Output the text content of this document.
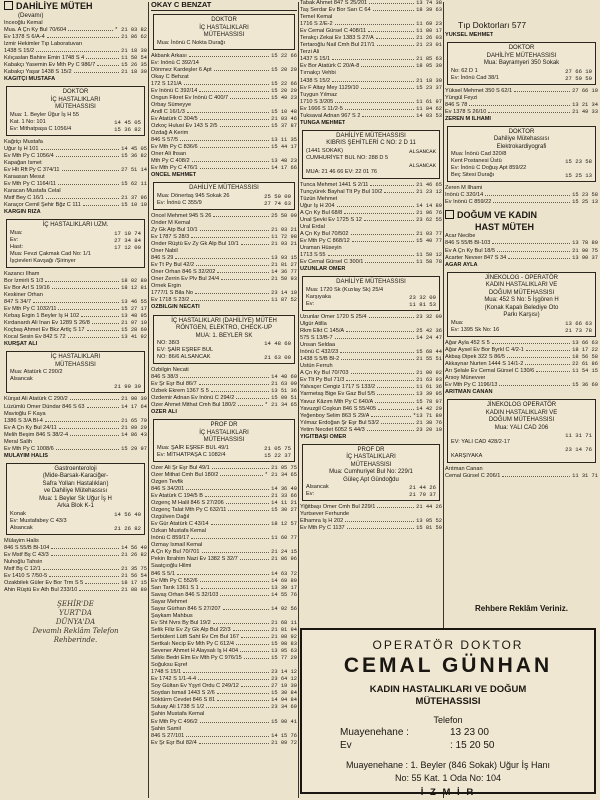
Tıp Doktorları 577
DAHİLİYE MÜTEH
(Devamı)
İnceoğlu Kemal
Mua. A Çn Ky Bul 70/604	* 21 03 82
Ev 1378 S 6/A-4	21 86 62
İzmir Hekimler Tıp Laboratuvarı
1438 S 15/2	21 18 30
Kılıçaslan Bahire Emin 1748 S 4	11 50 54
Kabakçı Yasemin Ev Mth Py C 986/7	15 26 35
Kabakçı Yaşar 1438 S 15/2	21 18 30
KAĞITÇI MUSTAFA
DOKTOR
İÇ HASTALIKLARI
MÜTEHASSISI
Mua: 1. Beyler Üğur İş H 55
Kat. 1 No: 101	14 45 05
Ev: Mithatpaşa C 1056/4	15 36 82
Kağıtçı Mustafa
Üğur İş H 101	14 45 05
Ev Mth Py C 1056/4	15 36 82
Kapağan İsmet
Ev Hlt Rft Py C 374/11	27 51 14
Karaasan Mesut
Ev Mth Py C 1164/11	15 62 11
Karacan Mustafa Celal
Mstf Bey C 16/1	21 37 96
Karaçor Cemil Şehir Bğz C 111	15 10 10
KARGIN RIZA
İÇ HASTALIKLARI UZM.
Mua:	17 10 74
Ev:	27 34 84
Hast:	17 12 00
Mua: Fevzi Çakmak Cad No: 1/1
İşçievleri Kavşağı /Şirinyer
Kazancı İlham
Bor İzmirli S 1/3	18 02 80
Ev Bor Arl S 19/16	18 12 81
Keskiner Orhan
847 S 34/7	13 46 55
Ev Mth Py C 1032/11	15 27 17
Kırbaş Ergin 1 Beyler İş H 102	13 48 95
Kırdanardı Ali İnan Ev 1289 S 26/8	21 97 19
Koçbaş Ahmet Ev Bkz Artlç S 17	15 28 69
Kocal Sesin Ev 842 S 72	13 41 92
KÜRŞAT ALİ
İÇ HASTALIKLARI
MÜTEHASSISI
Mua: Atatürk C 290/2
Alsancak
21 90 39
Kürşat Ali Atatürk C 290/2	21 90 39
Lüzümlü Ömer Dündar 846 S 63	14 17 64
Mavioğlu F Kaya
1386 S 3/A Bl-4	21 65 79
Ev A Çn Ky Bul 24/11	21 09 29
Melih Beşim 846 S 38/2-4	14 86 43
Meral Salih
Ev Mth Py C 1008/6	15 29 97
MÜLAYİM HALİS
Gastroenteroloji
(Mide-Barsak-Karaciğer-
Safra Yolları Hastalıkları)
ve Dahiliye Mütehassısı
Mua: 1 Beyler Sk Uğur İş H
Arka Blok K-1
Konak	14 56 40
Ev: Mustafabey C 43/3
Alsancak	21 26 82
Mülayim Halis
846 S 55/B Bl-104	14 56 40
Ev Mstf Bş C 43/3	21 26 82
Nuhoğlu Tahsin
Mstf Bş C 12/1	21 35 75
Ev 1410 S 7/50-5	21 56 54
Özakbilek Güler Ev Bor Trm S 5	18 17 15
Ahin Rüştü Ev Ath Bul 233/10	21 88 80
ŞEHİR'DE
YURT'DA
DÜNYA'DA
Devamlı Reklâm Telefon
Rehberinde.
OKAY C BENZAT
DOKTOR
İÇ HASTALIKLARI
MÜTEHASSISI
Mua: İnönü C Nokta Durağı
Akbank Arkası	15 22 66
Ev: İnönü C 392/14
Dönmez Kardeşler 6 Apt	15 20 20
Okay C Behzat
172 S 121/A	15 22 66
Ev İnönü C 392/14	15 20 20
Ongun Fikret Ev İnönü C 400/7	15 49 23
Orbay Sümeyye
Andl C 16/1/3	15 10 48
Ev Atatürk C 304/5	21 03 46
Ozkoç Hulusi Ev 143 S 2/5	15 37 87
Özdağ A Kerim
846 S 57/5	13 11 35
Ev Mth Py C 836/6	15 44 17
Öner Ali İhsan
Mth Py C 408/2	13 48 23
Ev Mth Py C 476/1	14 17 66
ÖNCEL MEHMET
DAHİLİYE MÜTEHASSISI
Mua: Dönertaş 945 Sokak 26	25 50 09
Ev: İnönü C 355/9	27 74 63
Öncel Mehmet 945 S 26	25 50 09
Önder M Kemal
Zy Gk Atp Bul 10/1	21 93 21
Ev 1787 S 28/3	11 72 98
Önder Rüştü Ev Zy Gk Alp Bul 10/1	21 93 21
Öner Nabil
846 S 29	13 93 15
Ev Tt Py Bul 42/2	21 81 27
Öner Orhan 846 S 32/202	14 36 77
Öner Zerrin Ev Plv Bul 24/4	21 50 93
Örnek Ergin
1777/1 S Bila No	23 14 10
Ev 1718 S 23/2	11 87 52
ÖZBİLGİN NECATİ
İÇ HASTALIKLARI (DAHİLİYE) MÜTEH
RÖNTGEN, ELEKTRO, CHECK-UP
MUA: 1. BEYLER SK
NO: 38/3	14 48 60
EV: ŞAİR EŞREF BUL
NO: 86/6 ALSANCAK	21 63 09
Özbilgin Necati
846 S 38/3	14 48 60
Ev Şr Eşr Bul 86/7	21 63 09
Özbek Ekrem 1367 S 5	13 51 36
Özdemir Adnan Ev İnönü C 294/2	15 09 51
Özer Ahmet Mithat Cmh Bul 180/2	* 21 34 65
ÖZER ALİ
PROF DR
İÇ HASTALIKLARI
MÜTEHASSISI
Mua: ŞAİR EŞREF BUL 49/1	21 05 75
Ev: MİTHATPAŞA C 1082/4	15 22 37
Özer Ali Şr Eşr Bul 49/1	21 05 75
Özer Mithat Cmh Bul 180/2	* 21 34 65
Özgen Tevfik
846 S 34/201	14 36 49
Ev Atatürk C 194/5 B	21 33 66
Özgenç M Halil 846 S 27/206	14 11 21
Özgenç Talat Mth Py C 632/11	15 30 27
Özgülven Dağıl
Ev Gür Atatürk C 43/14	18 12 57
Özkan Mustafa Kemal
İnönü C 859/17	11 60 77
Özmay İsmail Kemal
A Çn Ky Bul 70/701	21 24 15
Pekin İbrahim Nazi Ev 1382 S 32/7	21 86 96
Saatçıoğlu Hilmi
846 S 5/1	14 63 72
Ev Mth Py C 552/6	14 69 89
Sarı Tarık 1361 S 1	13 39 17
Savaş Orhan 846 S 32/103	14 55 76
Sayar Mehmet
Sayar Gürhan 846 S 27/207	14 92 56
Şaykam Mahbus
Ev Sht Nvrs By Bul 19/2	21 68 11
Selik Filiz Ev Zy Gk Alp Bul 22/3	21 81 94
Serbülent Lütfi Saht Ev Cm Bul 167	21 08 92
Sertkalı Necip Ev Mth Py C 612/4	15 98 83
Sevener Ahmet H Alaysalı İş H 404	13 95 63
Sıllıkı Bedri Elm Ev Mth Py C 976/15	15 77 29
Soğuksu Eşref
1748 S 15/1	23 14 12
Ev 1742 S 1/1-4-4	23 64 12
Soy Gültan Ev Yşyrl Ordu C 249/12	27 19 30
Soydan İsmail 1443 S 2/6	15 30 84
Söktürm Cevdet 846 S 81	14 94 84
Suluay Ali 1738 S 1/2	23 34 69
Şahin Mustafa Kemal
Ev Mth Py C 496/2	15 90 41
Şahin Samil
846 S 27/101	14 15 76
Ev Şr Eşr Bul 82/4	21 09 72
Tabak Ahmet 847 S 25/201	13 74 38
Taş Serdar Ev Bor Sarı C 64	18 39 63
Temel Kemal
1716 S 2/E-2	11 69 23
Ev Cemal Gürsel C 408/11	11 80 17
Terakçı Zekai Ev 1383 S 27/A	21 26 03
Tertaroğlu Nail Cmh Bul 217/1	21 23 01
Terzi Ali
1437 S 15/1	21 85 63
Ev Bor Atatürk C 20/A-8	18 05 30
Tırnakçı Vehbi
1438 S 15/2	21 18 30
Ev F Altay Mey 1129/10	15 23 37
Tuygun Yılmaz
1710 S 3/205	11 61 97
Ev 1666 S 11/2-5	11 84 62
Tuksaval Adnan 967 S 2	14 83 53
TUNGA MEHMET
DAHİLİYE MÜTEHASSISI
KIBRIS ŞEHİTLERİ C NO: 2 D 11
(1441 SOKAK)	ALSANCAK
CUMHURİYET BUL NO: 288 D 5
ALSANCAK
MUA: 21 46 66 EV: 22 01 76
Tunca Mehmet 1441 S 2/11	21 46 65
Tunçyürek Bayhal Tlt Py Bul 10/2	21 23 12
Tüzün Mehmet
Uğur İş H 204	14 14 89
A Çn Ky Bul 68/8	21 96 76
Ünal Şevki Ev 1725 S 12	23 62 55
Ural Erdal
A Çn Ky Bul 70/502	21 03 77
Ev Mth Py C 868/12	15 40 77
Uraman Hüseyin
1713 S 55	11 50 12
Ev Cemal Gürsel C 300/1	11 58 78
UZUNLAR ÖMER
DAHİLİYE MÜTEHASSISI
Mua: 1720 Sk (Kızılay Sk) 25/4
Karşıyaka	23 32 09
Ev:	11 81 53
Uzunlar Ömer 1720 S 25/4	23 32 09
Ülgür Atilla
Rkm Elkt C 145/A	25 42 36
575 S 13/B-7	14 24 47
Ünsan Seldaa
İnönü C 432/23	15 68 44
1438 S 5/B Bl-2	21 55 51
Üstün Ferruh
A Çn Ky Bul 70/703	21 00 92
Ev Tlt Py Bul 71/3	21 63 93
Yalvaçer Cengiz 1717 S 133/2	11 61 36
Yarmetaş Bige Ev Gaz Bul 5/5	13 39 95
Yavuz Kâzım Mth Py C 640/A	15 78 97
Yavuzgil Coşkun 846 S 55/405	14 42 29
Yeğenboy Selim 863 S 29/A	*13 71 89
Yılmaz Erdoğan Şr Eşr Bul 53/2	21 38 76
Yetim Necdet 6052 S 44/3	23 20 10
YİĞİTBAŞI ÖMER
PROF DR
İÇ HASTALIKLARI
MÜTEHASSISI
Mua: Cumhuriyet Bul No: 229/1
Güleç Apt Gündoğdu
Alsancak	21 44 26
Ev:	21 70 37
Yiğitbaşı Ömer Cmh Bul 229/1	21 44 26
Yurtsever Ferhunde
Elhamra İş H 202	13 05 52
Ev Mth Py C 1137	15 81 50
YÜKSEL MEHMET
DOKTOR
DAHİLİYE MÜTEHASSISI
Mua: Bayramyeri 350 Sokak
No: 62 D 1	27 66 10
Ev: İnönü Cad 38/1	27 59 50
Yüksel Mehmet 350 S 62/1	27 66 10
Yüngül Feyzi
846 S 78	13 21 34
Ev 1378 S 26/10	21 49 33
ZEREN M İLHAMİ
DOKTOR
Dahiliye Mütehassısı
Elektrokardiyografi
Mua: İnönü Cad 320/8
Kent Postanesi Üstü	15 23 58
Ev: İnönü C Doğuş Apt 859/22
Beç Sitesi Durağı	15 25 13
Zeren M İlhami
İnönü C 320/14	15 23 58
Ev İnönü C 859/22	15 25 13
DOĞUM VE KADIN
HAST MÜTEH
Acar Necibe
846 S 55/B Bl-103	13 78 80
Ev A Çn Ky Bul 18/5	21 90 75
Acarter Nevser 847 S 34	13 90 37
AĞAR AYLA
JİNEKOLOG - OPERATÖR
KADIN HASTALIKLARI VE
DOĞUM MÜTEHASSISI
Mua: 452 S No: 5 İşgören H
(Konak Kapalı Belediye Oto
Parkı Karşısı)
Mua:	13 66 63
Ev: 1395 Sk No: 16	21 73 78
Ağar Ayla 452 S 5	13 66 63
Ağar Aysel Ev Bor Byrkl C 4/2-1	18 17 22
Akbaş Dipek 322 S 86/5	18 56 58
Akkaynar Nurten 1444 S 14/1-2	22 61 86
Arı Şelale Ev Cemal Gürsel C 130/6	11 54 15
Arsoy Münevver
Ev Mth Py C 1196/13	15 36 60
ARITMAN CANAN
JİNEKOLOG OPERATÖR
KADIN HASTALIKLARI VE
DOĞUM MÜTEHASSISI
Mua: YALI CAD 206
11 31 71
EV: YALI CAD 428/2-17
23 14 76
KARŞIYAKA
Arıtman Canan
Cemal Gürsel C 206/1	11 31 71
Rehbere Reklâm Veriniz.
OPERATÖR DOKTOR
CEMAL GÜNHAN
KADIN HASTALIKLARI VE DOĞUM
MÜTEHASSISI
Telefon
Muayenehane :	13 23 00
Ev	: 15 20 50
Muayenehane : 1. Beyler (846 Sokak) Uğur İş Hanı
No: 55 Kat. 1 Oda No: 104
İ Z M İ R
